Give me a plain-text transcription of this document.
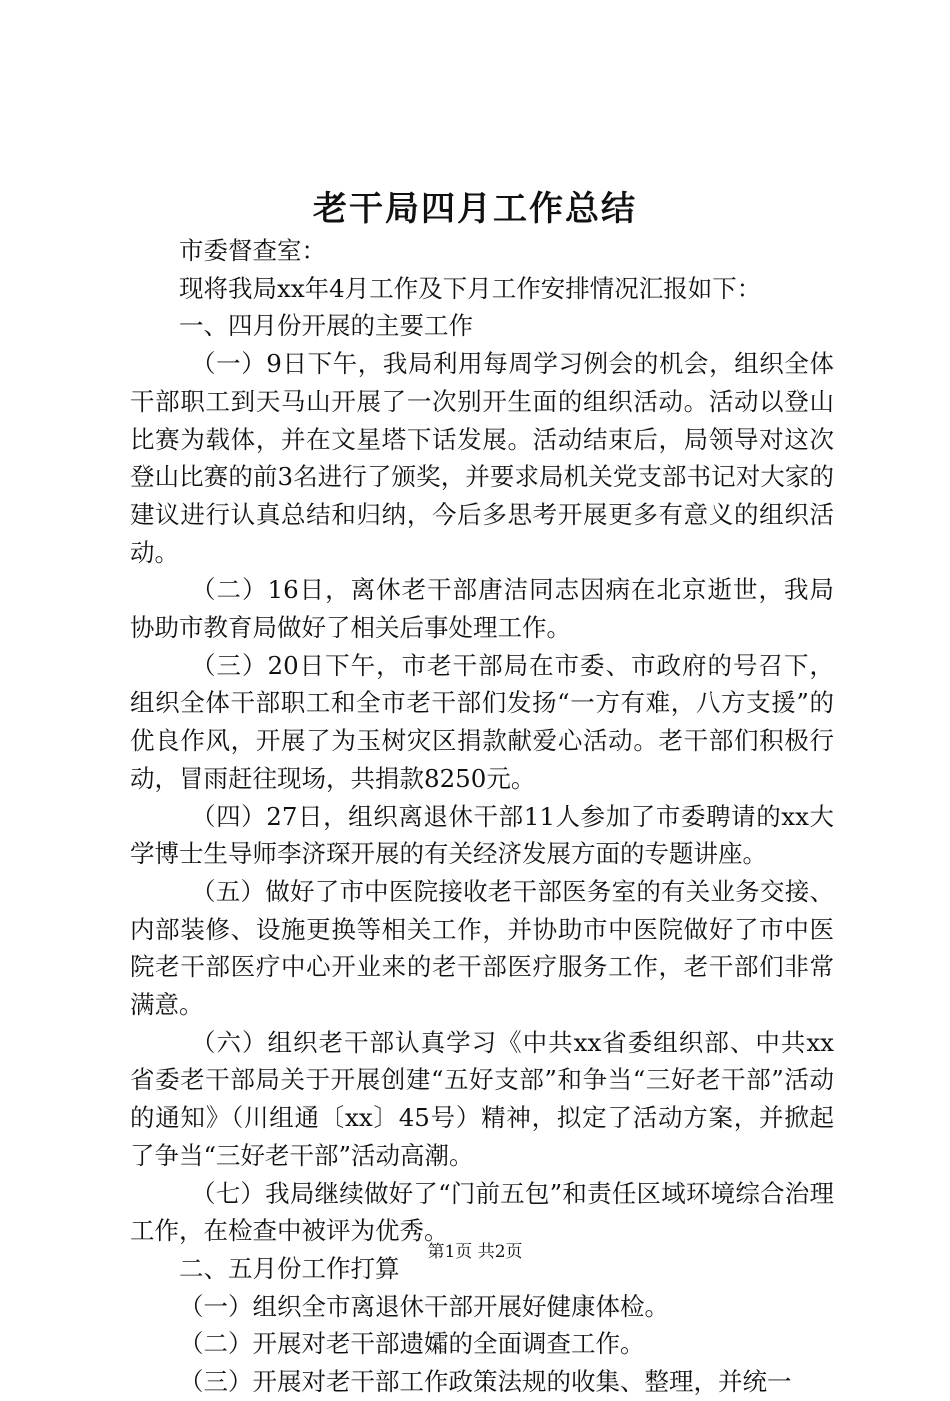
老干局四月工作总结

市委督查室：

现将我局xx年4月工作及下月工作安排情况汇报如下：

一、四月份开展的主要工作

（一）9日下午，我局利用每周学习例会的机会，组织全体干部职工到天马山开展了一次别开生面的组织活动。活动以登山比赛为载体，并在文星塔下话发展。活动结束后，局领导对这次登山比赛的前3名进行了颁奖，并要求局机关党支部书记对大家的建议进行认真总结和归纳，今后多思考开展更多有意义的组织活动。

（二）16日，离休老干部唐洁同志因病在北京逝世，我局协助市教育局做好了相关后事处理工作。

（三）20日下午，市老干部局在市委、市政府的号召下，组织全体干部职工和全市老干部们发扬“一方有难，八方支援”的优良作风，开展了为玉树灾区捐款献爱心活动。老干部们积极行动，冒雨赶往现场，共捐款8250元。

（四）27日，组织离退休干部11人参加了市委聘请的xx大学博士生导师李济琛开展的有关经济发展方面的专题讲座。

（五）做好了市中医院接收老干部医务室的有关业务交接、内部装修、设施更换等相关工作，并协助市中医院做好了市中医院老干部医疗中心开业来的老干部医疗服务工作，老干部们非常满意。

（六）组织老干部认真学习《中共xx省委组织部、中共xx省委老干部局关于开展创建“五好支部”和争当“三好老干部”活动的通知》（川组通〔xx〕45号）精神，拟定了活动方案，并掀起了争当“三好老干部”活动高潮。

（七）我局继续做好了“门前五包”和责任区域环境综合治理工作，在检查中被评为优秀。

二、五月份工作打算

（一）组织全市离退休干部开展好健康体检。

（二）开展对老干部遗孀的全面调查工作。

（三）开展对老干部工作政策法规的收集、整理，并统一

第1页 共2页
